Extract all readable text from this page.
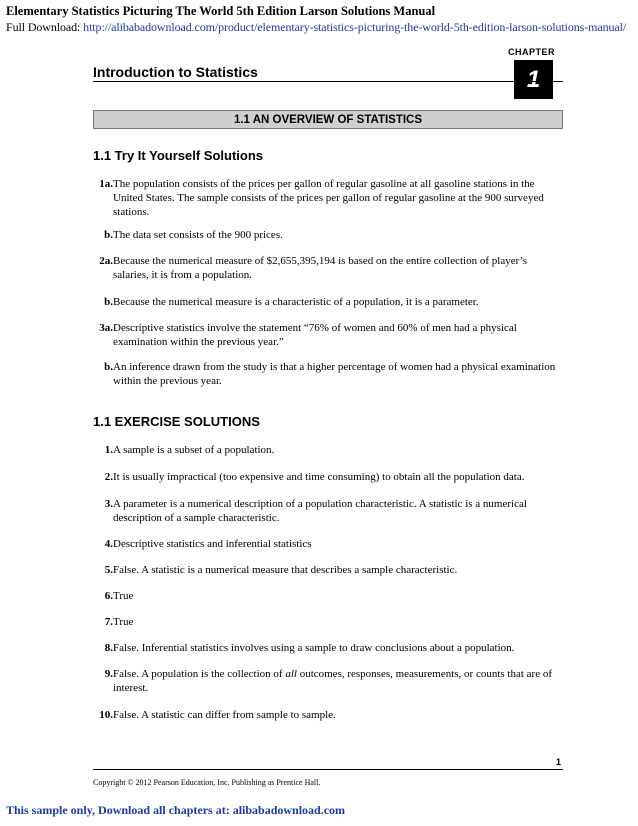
Elementary Statistics Picturing The World 5th Edition Larson Solutions Manual
Full Download: http://alibabadownload.com/product/elementary-statistics-picturing-the-world-5th-edition-larson-solutions-manual/
CHAPTER
1
Introduction to Statistics
1.1 AN OVERVIEW OF STATISTICS
1.1 Try It Yourself Solutions
1a. The population consists of the prices per gallon of regular gasoline at all gasoline stations in the United States. The sample consists of the prices per gallon of regular gasoline at the 900 surveyed stations.
b. The data set consists of the 900 prices.
2a. Because the numerical measure of $2,655,395,194 is based on the entire collection of player’s salaries, it is from a population.
b. Because the numerical measure is a characteristic of a population, it is a parameter.
3a. Descriptive statistics involve the statement “76% of women and 60% of men had a physical examination within the previous year.”
b. An inference drawn from the study is that a higher percentage of women had a physical examination within the previous year.
1.1 EXERCISE SOLUTIONS
1. A sample is a subset of a population.
2. It is usually impractical (too expensive and time consuming) to obtain all the population data.
3. A parameter is a numerical description of a population characteristic. A statistic is a numerical description of a sample characteristic.
4. Descriptive statistics and inferential statistics
5. False. A statistic is a numerical measure that describes a sample characteristic.
6. True
7. True
8. False. Inferential statistics involves using a sample to draw conclusions about a population.
9. False. A population is the collection of all outcomes, responses, measurements, or counts that are of interest.
10. False. A statistic can differ from sample to sample.
1
Copyright © 2012 Pearson Education, Inc. Publishing as Prentice Hall.
This sample only, Download all chapters at: alibabadownload.com
